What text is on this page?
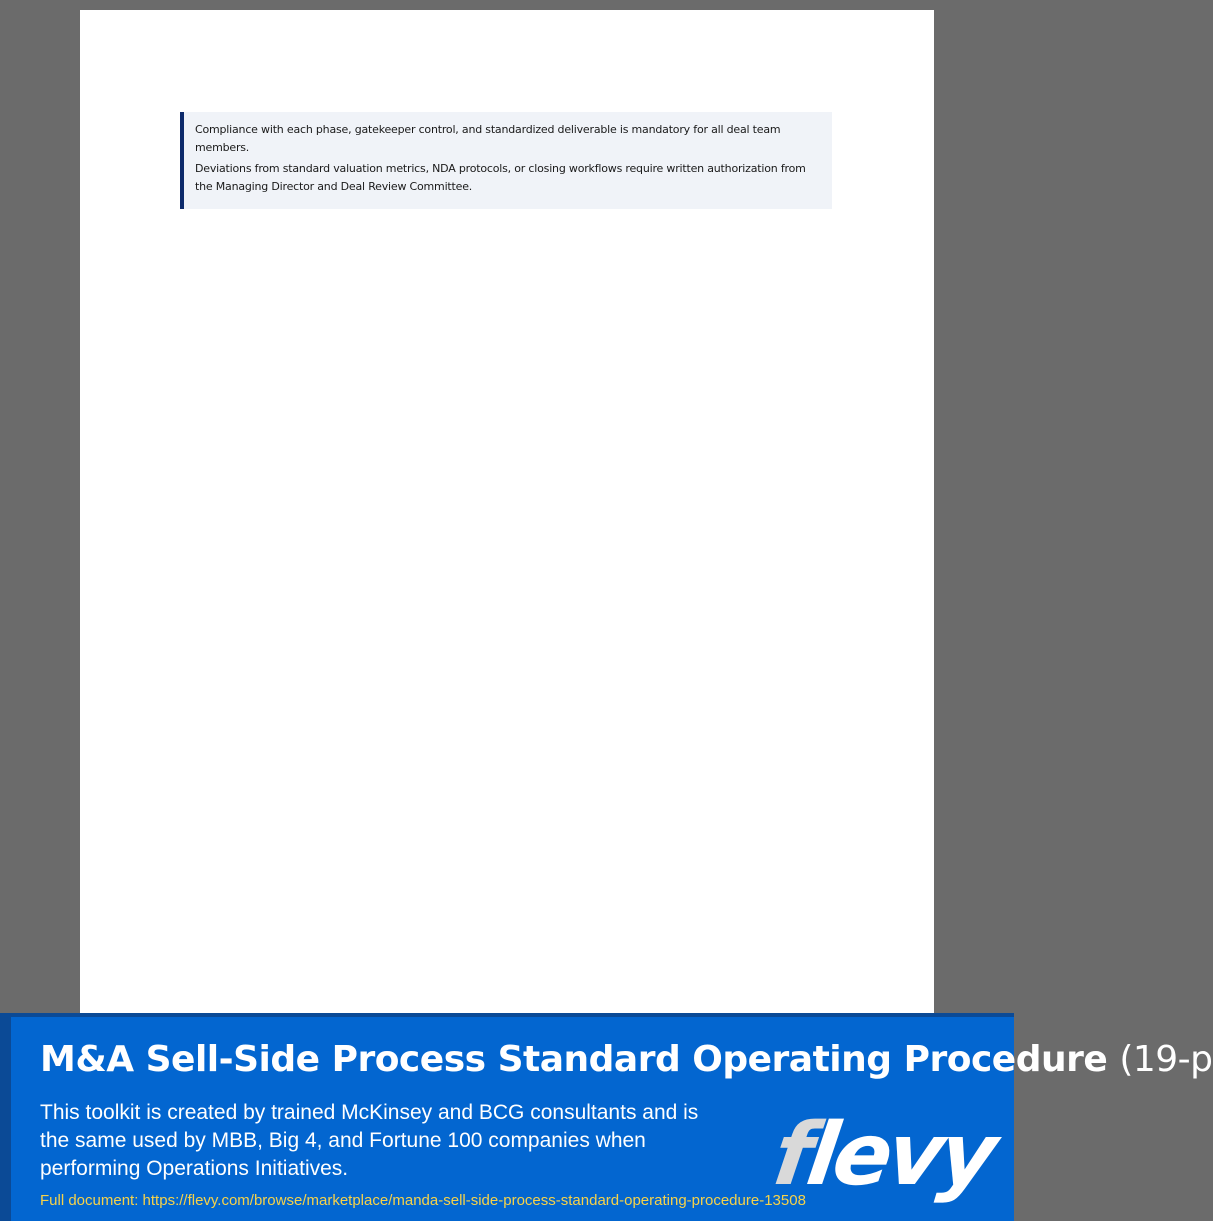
Compliance with each phase, gatekeeper control, and standardized deliverable is mandatory for all deal team members.

Deviations from standard valuation metrics, NDA protocols, or closing workflows require written authorization from the Managing Director and Deal Review Committee.

M&A Sell-Side Process Standard Operating Procedure (19-p

This toolkit is created by trained McKinsey and BCG consultants and is the same used by MBB, Big 4, and Fortune 100 companies when performing Operations Initiatives.

Full document: https://flevy.com/browse/marketplace/manda-sell-side-process-standard-operating-procedure-13508

flevy
